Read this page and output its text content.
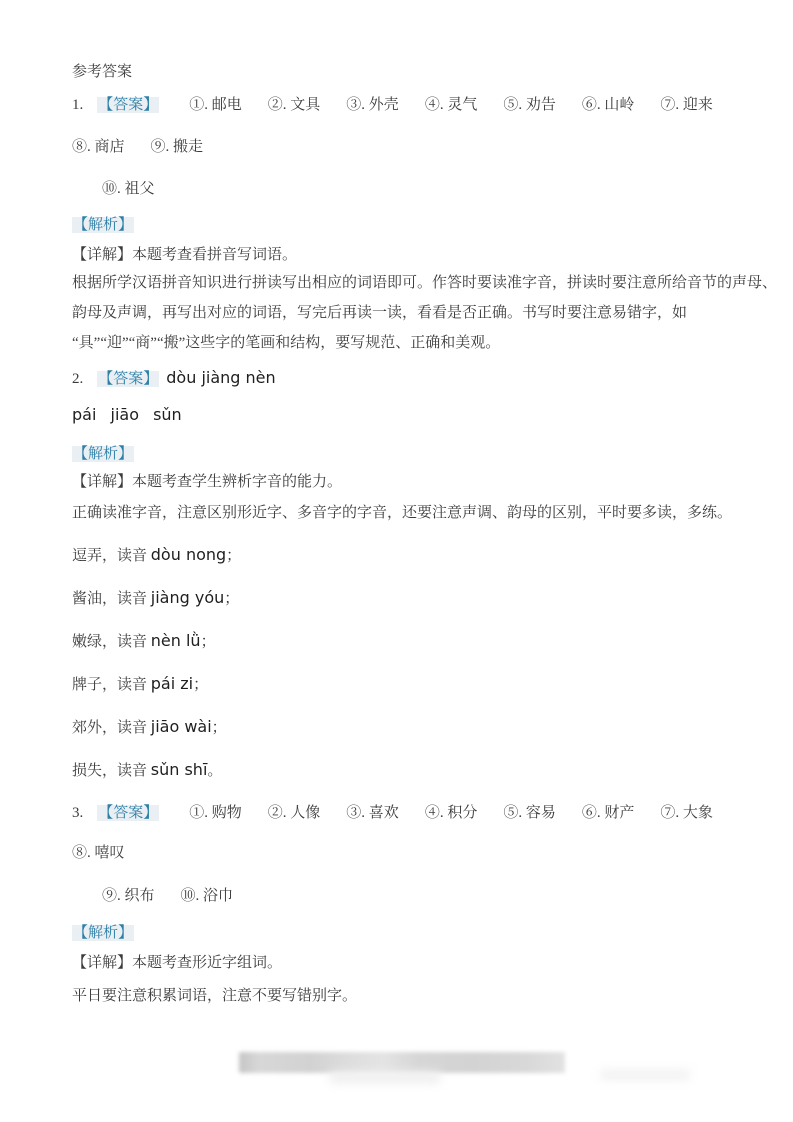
参考答案
1. 【答案】 ①. 邮电 ②. 文具 ③. 外壳 ④. 灵气 ⑤. 劝告 ⑥. 山岭 ⑦. 迎来
⑧. 商店 ⑨. 搬走
⑩. 祖父
【解析】
【详解】本题考查看拼音写词语。
根据所学汉语拼音知识进行拼读写出相应的词语即可。作答时要读准字音，拼读时要注意所给音节的声母、
韵母及声调，再写出对应的词语，写完后再读一读，看看是否正确。书写时要注意易错字，如
“具”“迎”“商”“搬”这些字的笔画和结构，要写规范、正确和美观。
2. 【答案】 dòu jiàng nèn
pái jiāo sǔn
【解析】
【详解】本题考查学生辨析字音的能力。
正确读准字音，注意区别形近字、多音字的字音，还要注意声调、韵母的区别，平时要多读，多练。
逗弄，读音 dòu nong；
酱油，读音 jiàng yóu；
嫩绿，读音 nèn lǜ；
牌子，读音 pái zi；
郊外，读音 jiāo wài；
损失，读音 sǔn shī。
3. 【答案】 ①. 购物 ②. 人像 ③. 喜欢 ④. 积分 ⑤. 容易 ⑥. 财产 ⑦. 大象
⑧. 嘻叹
⑨. 织布 ⑩. 浴巾
【解析】
【详解】本题考查形近字组词。
平日要注意积累词语，注意不要写错别字。
